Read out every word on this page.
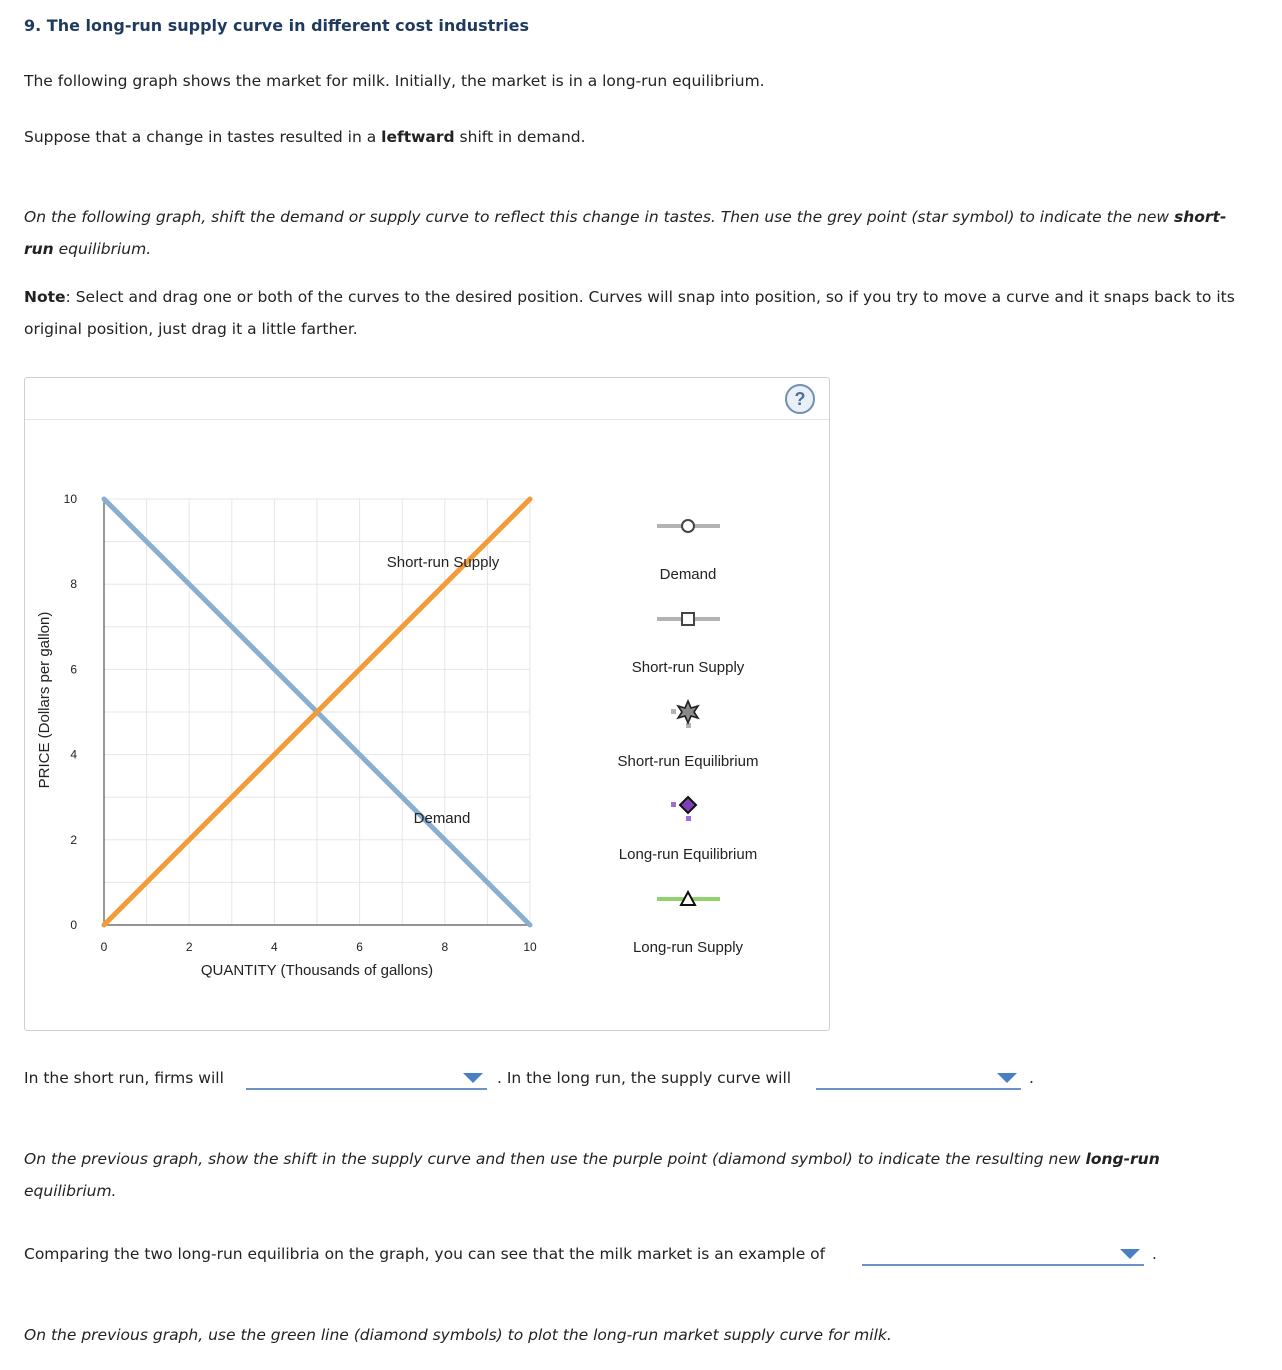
9. The long-run supply curve in different cost industries
The following graph shows the market for milk. Initially, the market is in a long-run equilibrium.
Suppose that a change in tastes resulted in a leftward shift in demand.
On the following graph, shift the demand or supply curve to reflect this change in tastes. Then use the grey point (star symbol) to indicate the new short-run equilibrium.
Note: Select and drag one or both of the curves to the desired position. Curves will snap into position, so if you try to move a curve and it snaps back to its original position, just drag it a little farther.
?
0	2	4	6	8	10
0
2
4
6
8
10
QUANTITY (Thousands of gallons)
PRICE (Dollars per gallon)
Short-run Supply
Demand
Demand
Short-run Supply
Short-run Equilibrium
Long-run Equilibrium
Long-run Supply
In the short run, firms will	. In the long run, the supply curve will	.
On the previous graph, show the shift in the supply curve and then use the purple point (diamond symbol) to indicate the resulting new long-run equilibrium.
Comparing the two long-run equilibria on the graph, you can see that the milk market is an example of	.
On the previous graph, use the green line (diamond symbols) to plot the long-run market supply curve for milk.
